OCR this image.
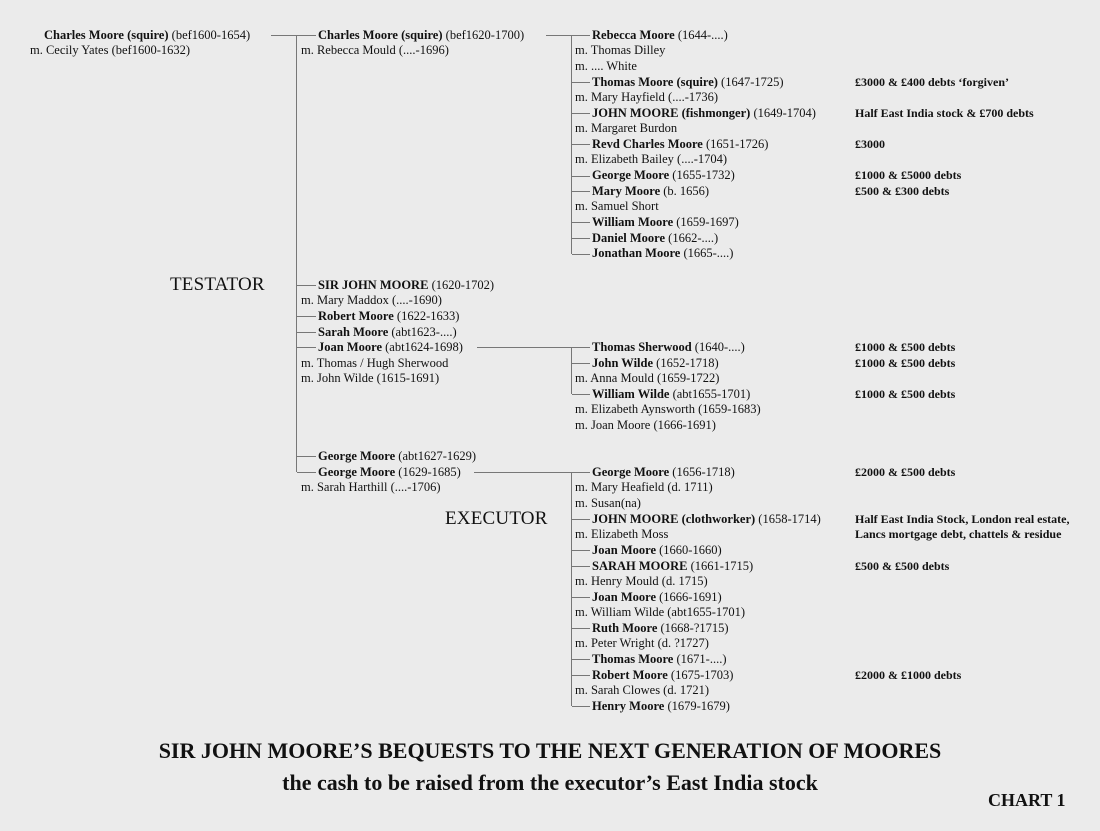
Charles Moore (squire) (bef1600-1654)
m. Cecily Yates (bef1600-1632)
Charles Moore (squire) (bef1620-1700)
m. Rebecca Mould (....-1696)
SIR JOHN MOORE (1620-1702)
m. Mary Maddox (....-1690)
Robert Moore (1622-1633)
Sarah Moore (abt1623-....)
Joan Moore (abt1624-1698)
m. Thomas / Hugh Sherwood
m. John Wilde (1615-1691)
George Moore (abt1627-1629)
George Moore (1629-1685)
m. Sarah Harthill (....-1706)
Rebecca Moore (1644-....)
m. Thomas Dilley
m. .... White
Thomas Moore (squire) (1647-1725)
m. Mary Hayfield (....-1736)
JOHN MOORE (fishmonger) (1649-1704)
m. Margaret Burdon
Revd Charles Moore (1651-1726)
m. Elizabeth Bailey (....-1704)
George Moore (1655-1732)
Mary Moore (b. 1656)
m. Samuel Short
William Moore (1659-1697)
Daniel Moore (1662-....)
Jonathan Moore (1665-....)
Thomas Sherwood (1640-....)
John Wilde (1652-1718)
m. Anna Mould (1659-1722)
William Wilde (abt1655-1701)
m. Elizabeth Aynsworth (1659-1683)
m. Joan Moore (1666-1691)
George Moore (1656-1718)
m. Mary Heafield (d. 1711)
m. Susan(na)
JOHN MOORE (clothworker) (1658-1714)
m. Elizabeth Moss
Joan Moore (1660-1660)
SARAH MOORE (1661-1715)
m. Henry Mould (d. 1715)
Joan Moore (1666-1691)
m. William Wilde (abt1655-1701)
Ruth Moore (1668-?1715)
m. Peter Wright (d. ?1727)
Thomas Moore (1671-....)
Robert Moore (1675-1703)
m. Sarah Clowes (d. 1721)
Henry Moore (1679-1679)
£3000 & £400 debts ‘forgiven’
Half East India stock & £700 debts
£3000
£1000 & £5000 debts
£500 & £300 debts
£1000 & £500 debts
£1000 & £500 debts
£1000 & £500 debts
£2000 & £500 debts
Half East India Stock, London real estate,
Lancs mortgage debt, chattels & residue
£500 & £500 debts
£2000 & £1000 debts
TESTATOR
EXECUTOR
SIR JOHN MOORE’S BEQUESTS TO THE NEXT GENERATION OF MOORES
the cash to be raised from the executor’s East India stock
CHART 1
